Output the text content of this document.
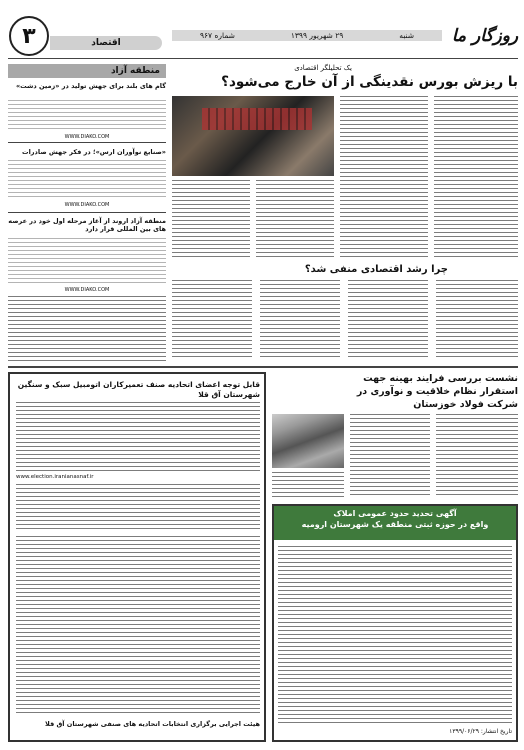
۳	اقتصاد
شنبه
۲۹ شهریور ۱۳۹۹
شماره ۹۶۷	روزگار ما
منطقه آزاد
گام های بلند برای جهش تولید در «زمین دشت»
WWW.DIAKO.COM
«صنایع نوآوران ارس»؛ در فکر جهش صادرات
WWW.DIAKO.COM
منطقه آزاد اروند از آغاز مرحله اول خود در عرصه های بین المللی قرار دارد
WWW.DIAKO.COM
یک تحلیلگر اقتصادی
با ریزش بورس نقدینگی از آن خارج می‌شود؟
چرا رشد اقتصادی منفی شد؟
قابل توجه اعضای اتحادیه صنف تعمیرکاران اتومبیل سبک و سنگین شهرستان آق قلا
www.election.iranianasnaf.ir
هیئت اجرایی برگزاری انتخابات اتحادیه های صنفی شهرستان آق قلا
نشست بررسی فرایند بهینه جهت استقرار نظام خلاقیت و نوآوری در شرکت فولاد خوزستان
آگهی تحدید حدود عمومی املاک
واقع در حوزه ثبتی منطقه یک شهرستان ارومیه
تاریخ انتشار: ۱۳۹۹/۰۶/۲۹
